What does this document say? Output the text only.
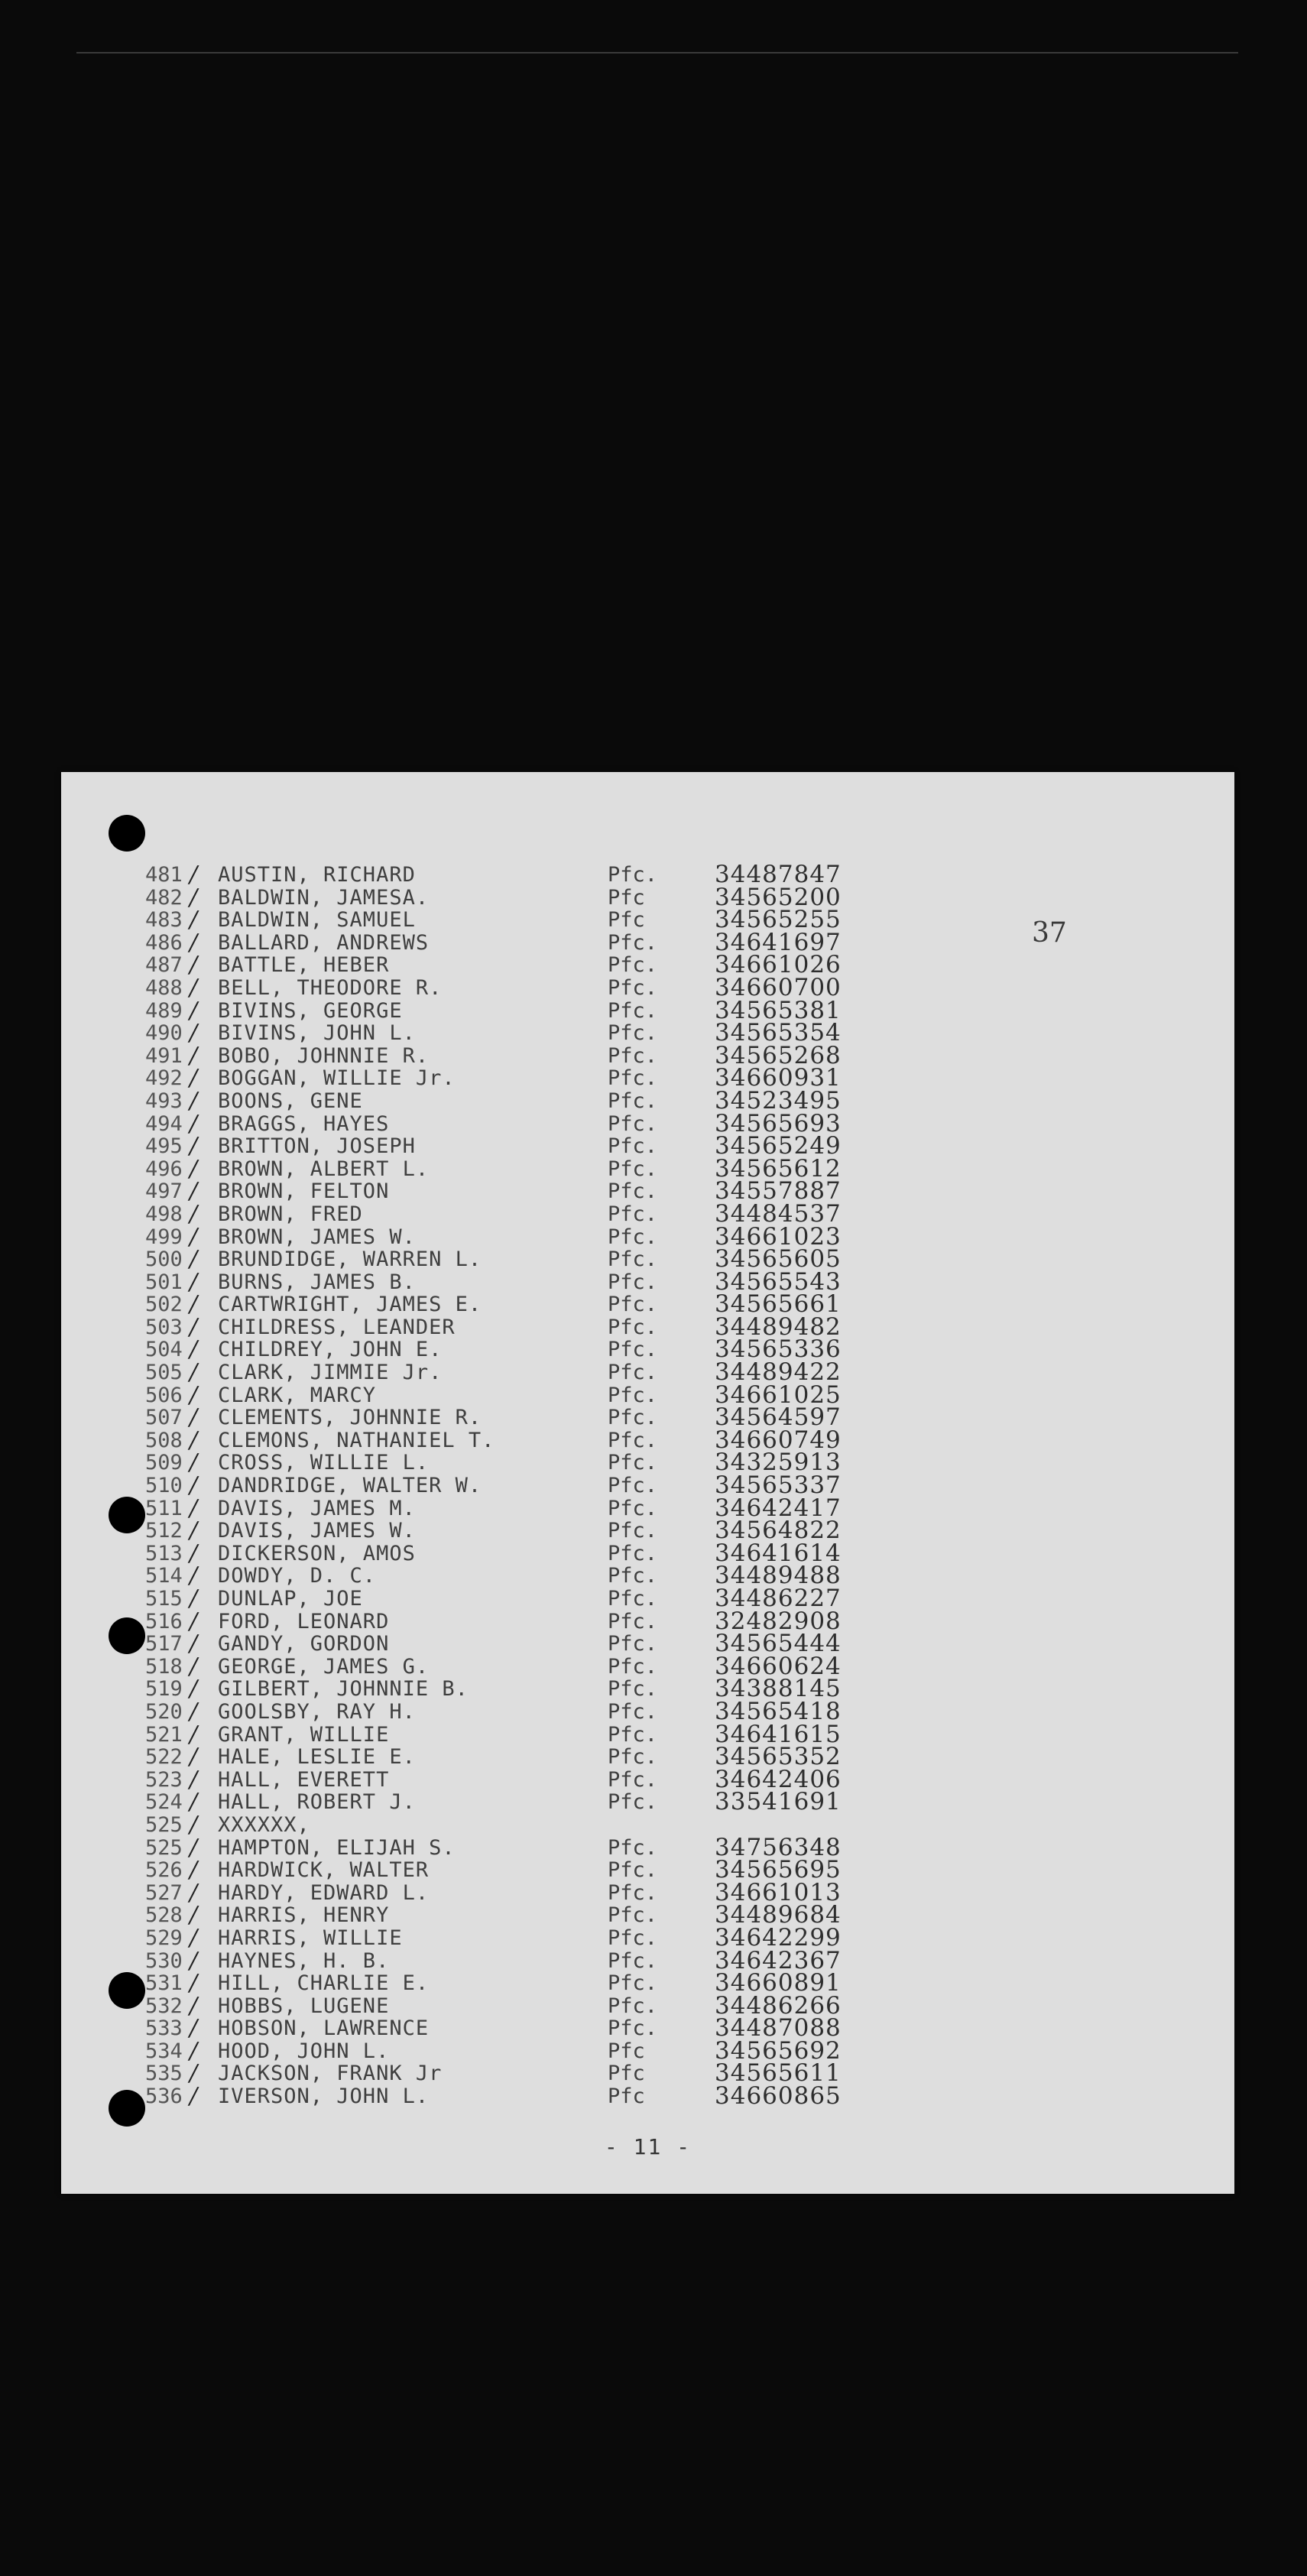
37
481	AUSTIN, RICHARD	Pfc. 34487847
∕
482	BALDWIN, JAMESA.	Pfc	34565200
∕
483	BALDWIN, SAMUEL	Pfc	34565255
∕
486	BALLARD, ANDREWS	Pfc. 34641697
∕
487	BATTLE, HEBER	Pfc. 34661026
∕
488	BELL, THEODORE R.	Pfc. 34660700
∕
489	BIVINS, GEORGE	Pfc. 34565381
∕
490	BIVINS, JOHN L.	Pfc. 34565354
∕
491	BOBO, JOHNNIE R.	Pfc. 34565268
∕
492	BOGGAN, WILLIE Jr.	Pfc. 34660931
∕
493	BOONS, GENE	Pfc. 34523495
∕
494	BRAGGS, HAYES	Pfc. 34565693
∕
495	BRITTON, JOSEPH	Pfc. 34565249
∕
496	BROWN, ALBERT L.	Pfc. 34565612
∕
497	BROWN, FELTON	Pfc. 34557887
∕
498	BROWN, FRED	Pfc. 34484537
∕
499	BROWN, JAMES W.	Pfc. 34661023
∕
500	BRUNDIDGE, WARREN L.	Pfc. 34565605
∕
501	BURNS, JAMES B.	Pfc. 34565543
∕
502	CARTWRIGHT, JAMES E.	Pfc. 34565661
∕
503	CHILDRESS, LEANDER	Pfc. 34489482
∕
504	CHILDREY, JOHN E.	Pfc. 34565336
∕
505	CLARK, JIMMIE Jr.	Pfc. 34489422
∕
506	CLARK, MARCY	Pfc. 34661025
∕
507	CLEMENTS, JOHNNIE R.	Pfc. 34564597
∕
508	CLEMONS, NATHANIEL T.	Pfc. 34660749
∕
509	CROSS, WILLIE L.	Pfc. 34325913
∕
510	DANDRIDGE, WALTER W.	Pfc. 34565337
∕
511	DAVIS, JAMES M.	Pfc. 34642417
∕
512	DAVIS, JAMES W.	Pfc. 34564822
∕
513	DICKERSON, AMOS	Pfc. 34641614
∕
514	DOWDY, D. C.	Pfc. 34489488
∕
515	DUNLAP, JOE	Pfc. 34486227
∕
516	FORD, LEONARD	Pfc. 32482908
∕
517	GANDY, GORDON	Pfc. 34565444
∕
518	GEORGE, JAMES G.	Pfc. 34660624
∕
519	GILBERT, JOHNNIE B.	Pfc. 34388145
∕
520	GOOLSBY, RAY H.	Pfc. 34565418
∕
521	GRANT, WILLIE	Pfc. 34641615
∕
522	HALE, LESLIE E.	Pfc. 34565352
∕
523	HALL, EVERETT	Pfc. 34642406
∕
524	HALL, ROBERT J.	Pfc. 33541691
∕
525	XXXXXX,
∕
525	HAMPTON, ELIJAH S.	Pfc. 34756348
∕
526	HARDWICK, WALTER	Pfc. 34565695
∕
527	HARDY, EDWARD L.	Pfc. 34661013
∕
528	HARRIS, HENRY	Pfc. 34489684
∕
529	HARRIS, WILLIE	Pfc. 34642299
∕
530	HAYNES, H. B.	Pfc. 34642367
∕
531	HILL, CHARLIE E.	Pfc. 34660891
∕
532	HOBBS, LUGENE	Pfc. 34486266
∕
533	HOBSON, LAWRENCE	Pfc. 34487088
∕
534	HOOD, JOHN L.	Pfc	34565692
∕
535	JACKSON, FRANK Jr	Pfc	34565611
∕
536	IVERSON, JOHN L.	Pfc	34660865
∕
- 11 -
